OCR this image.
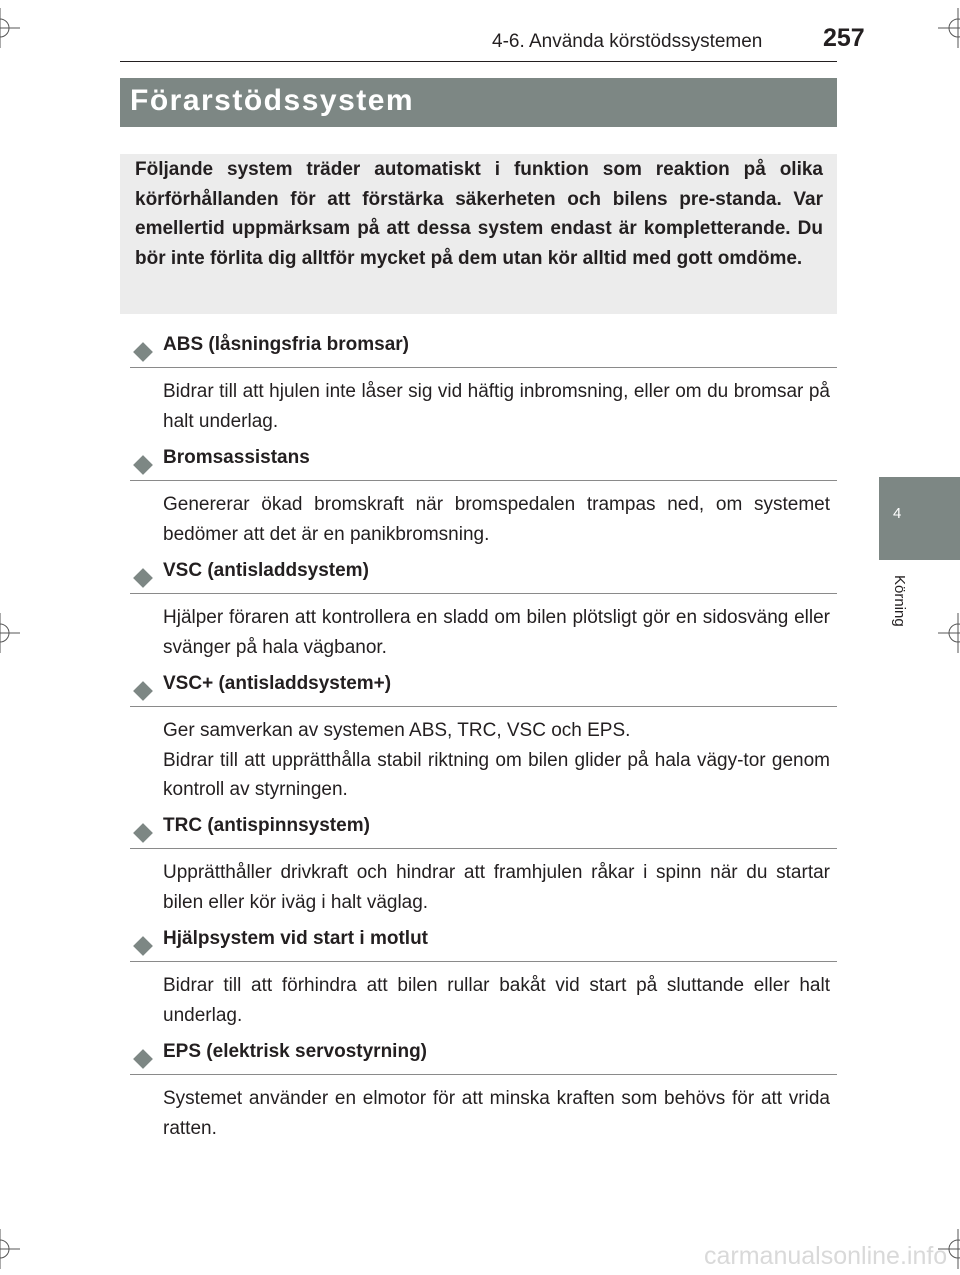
4-6. Använda körstödssystemen 257
Förarstödssystem

Följande system träder automatiskt i funktion som reaktion på olika körförhållanden för att förstärka säkerheten och bilens pre-standa. Var emellertid uppmärksam på att dessa system endast är kompletterande. Du bör inte förlita dig alltför mycket på dem utan kör alltid med gott omdöme.

4
Körning
ABS (låsningsfria bromsar)

Bidrar till att hjulen inte låser sig vid häftig inbromsning, eller om du bromsar på halt underlag.

Bromsassistans

Genererar ökad bromskraft när bromspedalen trampas ned, om systemet bedömer att det är en panikbromsning.

VSC (antisladdsystem)

Hjälper föraren att kontrollera en sladd om bilen plötsligt gör en sidosväng eller svänger på hala vägbanor.

VSC+ (antisladdsystem+)

Ger samverkan av systemen ABS, TRC, VSC och EPS.

Bidrar till att upprätthålla stabil riktning om bilen glider på hala vägy-tor genom kontroll av styrningen.

TRC (antispinnsystem)

Upprätthåller drivkraft och hindrar att framhjulen råkar i spinn när du startar bilen eller kör iväg i halt väglag.

Hjälpsystem vid start i motlut

Bidrar till att förhindra att bilen rullar bakåt vid start på sluttande eller halt underlag.

EPS (elektrisk servostyrning)

Systemet använder en elmotor för att minska kraften som behövs för att vrida ratten.

carmanualsonline.info
